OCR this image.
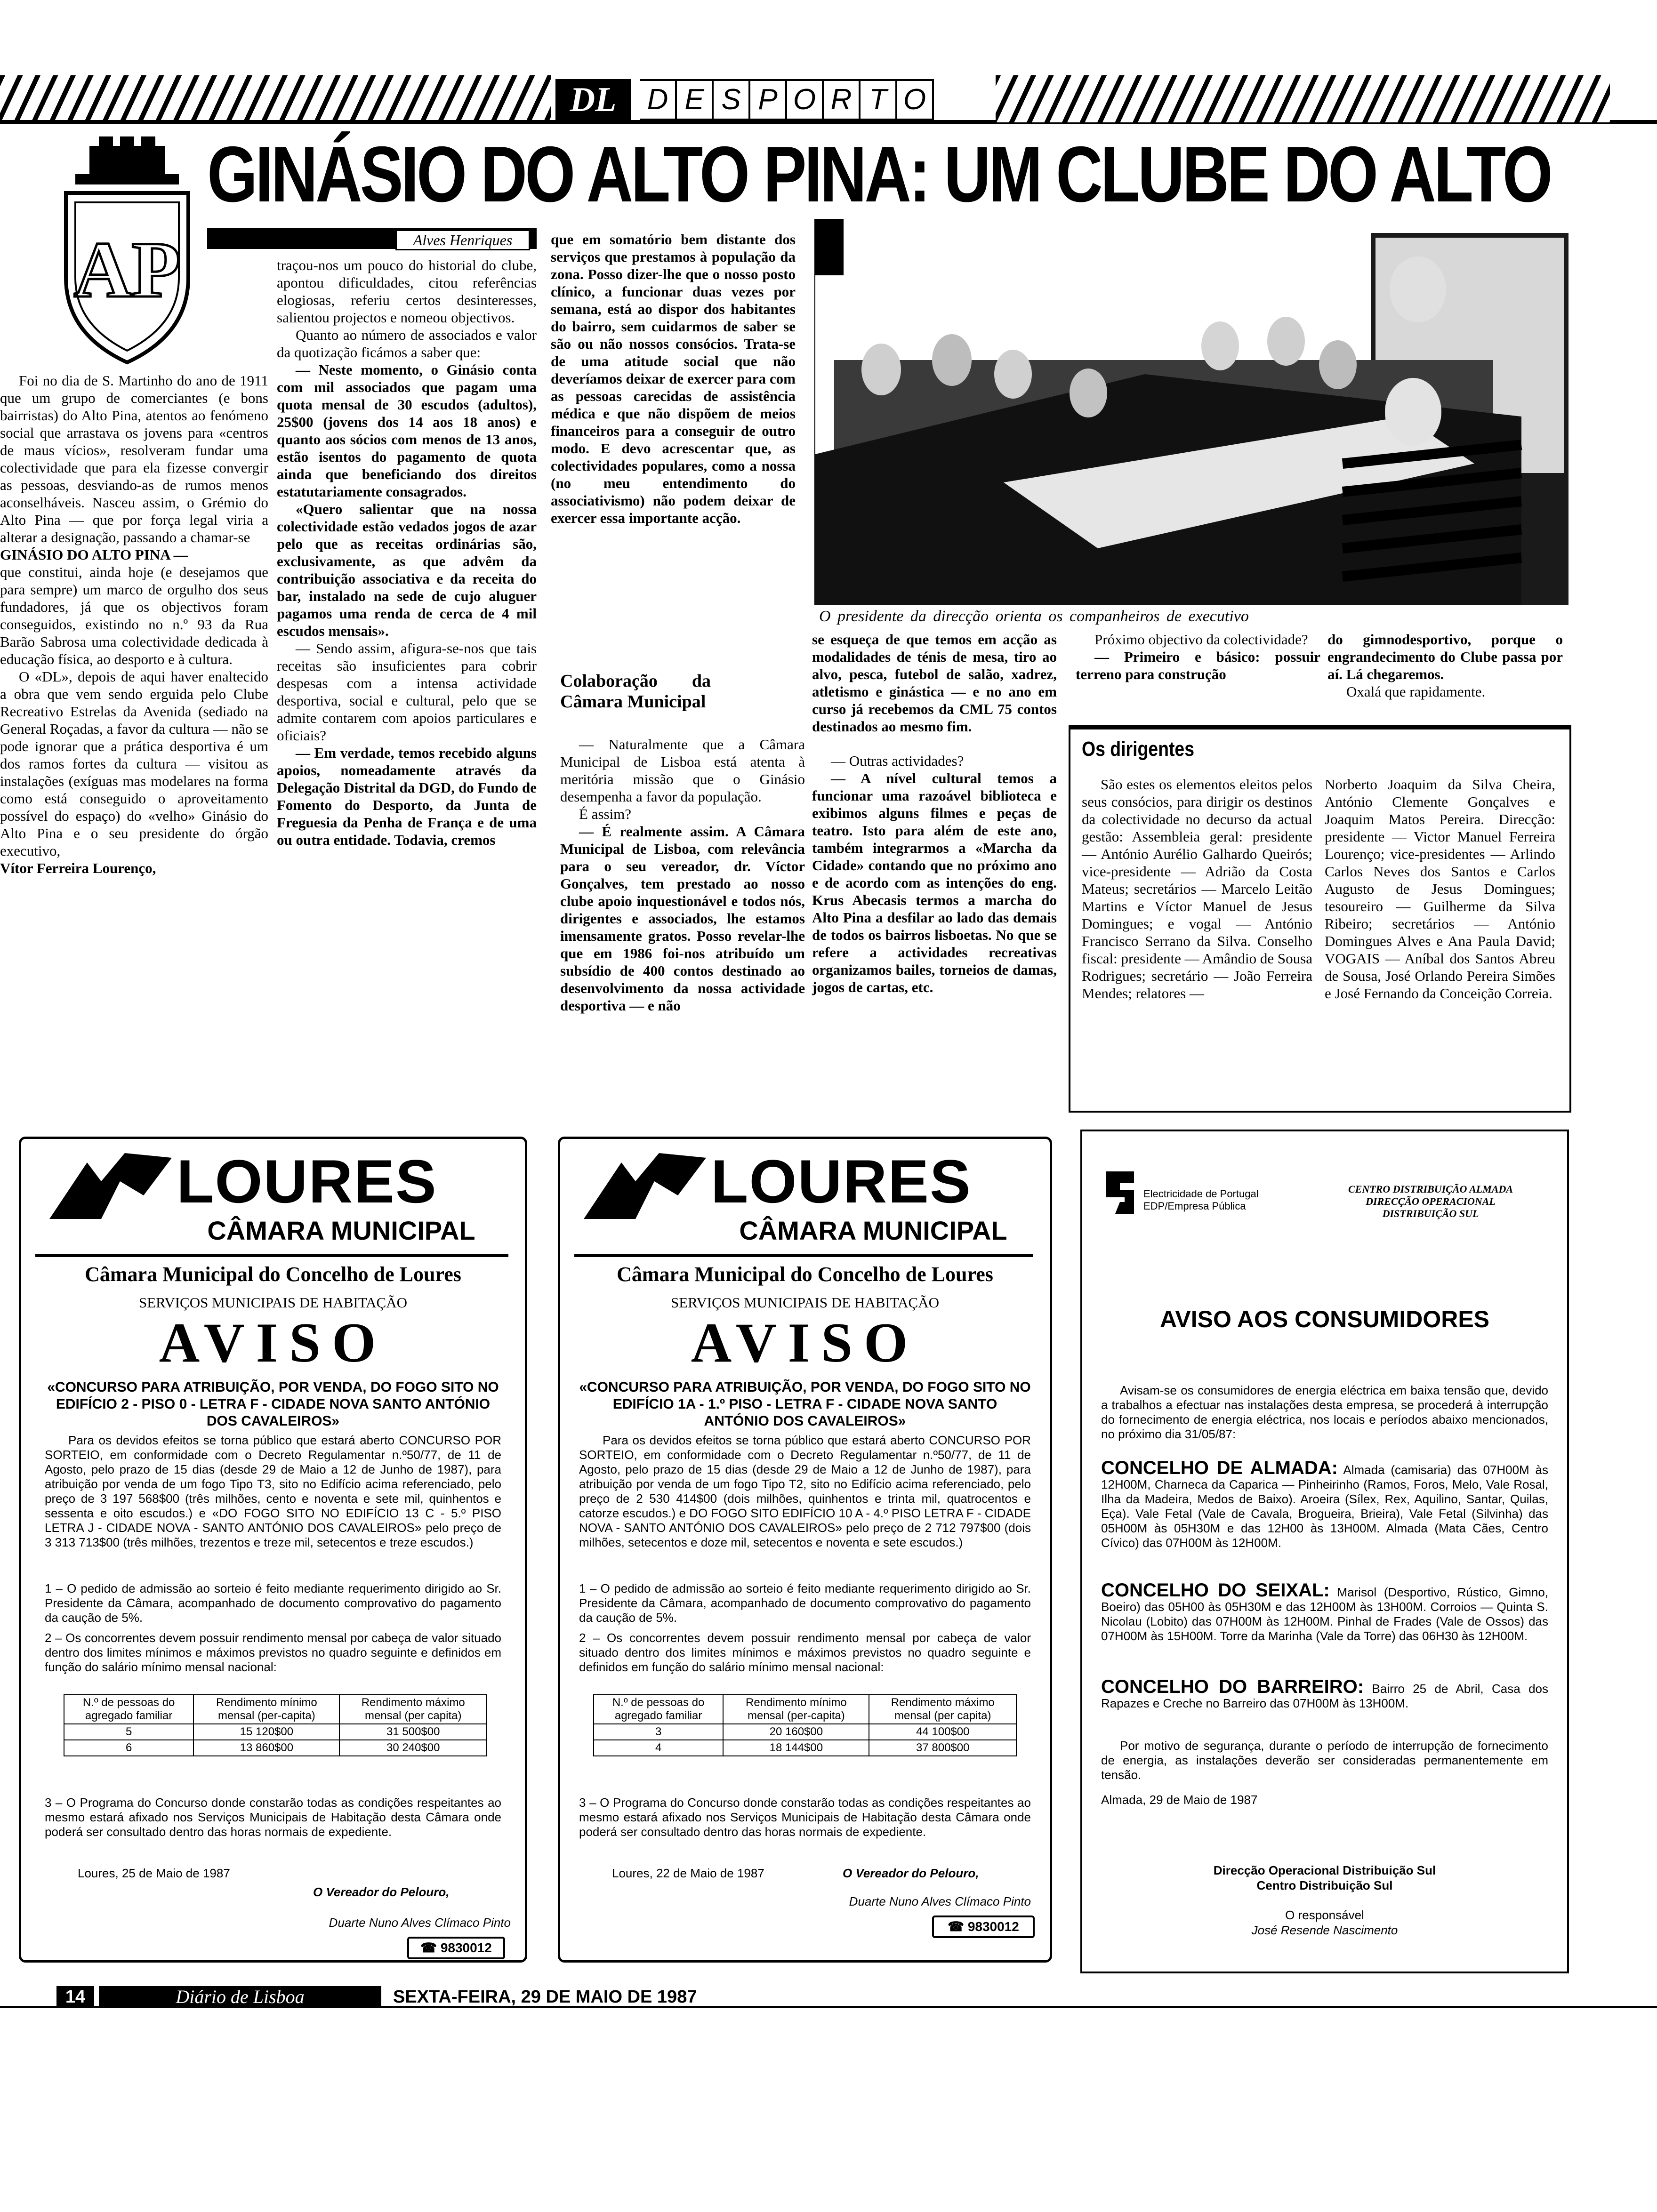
DL	D E S P O R T O
AP
GINÁSIO DO ALTO PINA: UM CLUBE DO ALTO
Alves Henriques

Foi no dia de S. Martinho do ano de 1911 que um grupo de comerciantes (e bons bairristas) do Alto Pina, atentos ao fenómeno social que arrastava os jovens para «centros de maus vícios», resolveram fundar uma colectividade que para ela fizesse convergir as pessoas, desviando-as de rumos menos aconselháveis. Nasceu assim, o Grémio do Alto Pina — que por força legal viria a alterar a designação, passando a chamar-se

GINÁSIO DO ALTO PINA —

que constitui, ainda hoje (e desejamos que para sempre) um marco de orgulho dos seus fundadores, já que os objectivos foram conseguidos, existindo no n.º 93 da Rua Barão Sabrosa uma colectividade dedicada à educação física, ao desporto e à cultura.

O «DL», depois de aqui haver enaltecido a obra que vem sendo erguida pelo Clube Recreativo Estrelas da Avenida (sediado na General Roçadas, a favor da cultura — não se pode ignorar que a prática desportiva é um dos ramos fortes da cultura — visitou as instalações (exíguas mas modelares na forma como está conseguido o aproveitamento possível do espaço) do «velho» Ginásio do Alto Pina e o seu presidente do órgão executivo,

Vítor Ferreira Lourenço,

traçou-nos um pouco do historial do clube, apontou dificuldades, citou referências elogiosas, referiu certos desinteresses, salientou projectos e nomeou objectivos.

Quanto ao número de associados e valor da quotização ficámos a saber que:

— Neste momento, o Ginásio conta com mil associados que pagam uma quota mensal de 30 escudos (adultos), 25$00 (jovens dos 14 aos 18 anos) e quanto aos sócios com menos de 13 anos, estão isentos do pagamento de quota ainda que beneficiando dos direitos estatutariamente consagrados.

«Quero salientar que na nossa colectividade estão vedados jogos de azar pelo que as receitas ordinárias são, exclusivamente, as que advêm da contribuição associativa e da receita do bar, instalado na sede de cujo aluguer pagamos uma renda de cerca de 4 mil escudos mensais».

— Sendo assim, afigura-se-nos que tais receitas são insuficientes para cobrir despesas com a intensa actividade desportiva, social e cultural, pelo que se admite contarem com apoios particulares e oficiais?

— Em verdade, temos recebido alguns apoios, nomeadamente através da Delegação Distrital da DGD, do Fundo de Fomento do Desporto, da Junta de Freguesia da Penha de França e de uma ou outra entidade. Todavia, cremos

que em somatório bem distante dos serviços que prestamos à população da zona. Posso dizer-lhe que o nosso posto clínico, a funcionar duas vezes por semana, está ao dispor dos habitantes do bairro, sem cuidarmos de saber se são ou não nossos consócios. Trata-se de uma atitude social que não deveríamos deixar de exercer para com as pessoas carecidas de assistência médica e que não dispõem de meios financeiros para a conseguir de outro modo. E devo acrescentar que, as colectividades populares, como a nossa (no meu entendimento do associativismo) não podem deixar de exercer essa importante acção.

O presidente da direcção orienta os companheiros de executivo
Colaboração da Câmara Municipal

— Naturalmente que a Câmara Municipal de Lisboa está atenta à meritória missão que o Ginásio desempenha a favor da população.

É assim?

— É realmente assim. A Câmara Municipal de Lisboa, com relevância para o seu vereador, dr. Víctor Gonçalves, tem prestado ao nosso clube apoio inquestionável e todos nós, dirigentes e associados, lhe estamos imensamente gratos. Posso revelar-lhe que em 1986 foi-nos atribuído um subsídio de 400 contos destinado ao desenvolvimento da nossa actividade desportiva — e não

se esqueça de que temos em acção as modalidades de ténis de mesa, tiro ao alvo, pesca, futebol de salão, xadrez, atletismo e ginástica — e no ano em curso já recebemos da CML 75 contos destinados ao mesmo fim.

— Outras actividades?

— A nível cultural temos a funcionar uma razoável biblioteca e exibimos alguns filmes e peças de teatro. Isto para além de este ano, também integrarmos a «Marcha da Cidade» contando que no próximo ano e de acordo com as intenções do eng. Krus Abecasis termos a marcha do Alto Pina a desfilar ao lado das demais de todos os bairros lisboetas. No que se refere a actividades recreativas organizamos bailes, torneios de damas, jogos de cartas, etc.

Próximo objectivo da colectividade?

— Primeiro e básico: possuir terreno para construção

do gimnodesportivo, porque o engrandecimento do Clube passa por aí. Lá chegaremos.

Oxalá que rapidamente.

Os dirigentes
São estes os elementos eleitos pelos seus consócios, para dirigir os destinos da colectividade no decurso da actual gestão: Assembleia geral: presidente — António Aurélio Galhardo Queirós; vice-presidente — Adrião da Costa Mateus; secretários — Marcelo Leitão Martins e Víctor Manuel de Jesus Domingues; e vogal — António Francisco Serrano da Silva. Conselho fiscal: presidente — Amândio de Sousa Rodrigues; secretário — João Ferreira Mendes; relatores —
Norberto Joaquim da Silva Cheira, António Clemente Gonçalves e Joaquim Matos Pereira. Direcção: presidente — Victor Manuel Ferreira Lourenço; vice-presidentes — Arlindo Carlos Neves dos Santos e Carlos Augusto de Jesus Domingues; tesoureiro — Guilherme da Silva Ribeiro; secretários — António Domingues Alves e Ana Paula David; VOGAIS — Aníbal dos Santos Abreu de Sousa, José Orlando Pereira Simões e José Fernando da Conceição Correia.
LOURES
CÂMARA MUNICIPAL
Câmara Municipal do Concelho de Loures
SERVIÇOS MUNICIPAIS DE HABITAÇÃO
AVISO
«CONCURSO PARA ATRIBUIÇÃO, POR VENDA, DO FOGO SITO NO EDIFÍCIO 2 - PISO 0 - LETRA F - CIDADE NOVA SANTO ANTÓNIO DOS CAVALEIROS»
Para os devidos efeitos se torna público que estará aberto CONCURSO POR SORTEIO, em conformidade com o Decreto Regulamentar n.º50/77, de 11 de Agosto, pelo prazo de 15 dias (desde 29 de Maio a 12 de Junho de 1987), para atribuição por venda de um fogo Tipo T3, sito no Edifício acima referenciado, pelo preço de 3 197 568$00 (três milhões, cento e noventa e sete mil, quinhentos e sessenta e oito escudos.) e «DO FOGO SITO NO EDIFÍCIO 13 C - 5.º PISO LETRA J - CIDADE NOVA - SANTO ANTÓNIO DOS CAVALEIROS» pelo preço de 3 313 713$00 (três milhões, trezentos e treze mil, setecentos e treze escudos.)
1 – O pedido de admissão ao sorteio é feito mediante requerimento dirigido ao Sr. Presidente da Câmara, acompanhado de documento comprovativo do pagamento da caução de 5%.
2 – Os concorrentes devem possuir rendimento mensal por cabeça de valor situado dentro dos limites mínimos e máximos previstos no quadro seguinte e definidos em função do salário mínimo mensal nacional:
N.º de pessoas do agregado familiar	Rendimento mínimo mensal (per-capita)	Rendimento máximo mensal (per capita)
5	15 120$00	31 500$00
6	13 860$00	30 240$00
3 – O Programa do Concurso donde constarão todas as condições respeitantes ao mesmo estará afixado nos Serviços Municipais de Habitação desta Câmara onde poderá ser consultado dentro das horas normais de expediente.
Loures, 25 de Maio de 1987
O Vereador do Pelouro,
Duarte Nuno Alves Clímaco Pinto
☎ 9830012
LOURES
CÂMARA MUNICIPAL
Câmara Municipal do Concelho de Loures
SERVIÇOS MUNICIPAIS DE HABITAÇÃO
AVISO
«CONCURSO PARA ATRIBUIÇÃO, POR VENDA, DO FOGO SITO NO EDIFÍCIO 1A - 1.º PISO - LETRA F - CIDADE NOVA SANTO ANTÓNIO DOS CAVALEIROS»
Para os devidos efeitos se torna público que estará aberto CONCURSO POR SORTEIO, em conformidade com o Decreto Regulamentar n.º50/77, de 11 de Agosto, pelo prazo de 15 dias (desde 29 de Maio a 12 de Junho de 1987), para atribuição por venda de um fogo Tipo T2, sito no Edifício acima referenciado, pelo preço de 2 530 414$00 (dois milhões, quinhentos e trinta mil, quatrocentos e catorze escudos.) e DO FOGO SITO EDIFÍCIO 10 A - 4.º PISO LETRA F - CIDADE NOVA - SANTO ANTÓNIO DOS CAVALEIROS» pelo preço de 2 712 797$00 (dois milhões, setecentos e doze mil, setecentos e noventa e sete escudos.)
1 – O pedido de admissão ao sorteio é feito mediante requerimento dirigido ao Sr. Presidente da Câmara, acompanhado de documento comprovativo do pagamento da caução de 5%.
2 – Os concorrentes devem possuir rendimento mensal por cabeça de valor situado dentro dos limites mínimos e máximos previstos no quadro seguinte e definidos em função do salário mínimo mensal nacional:
N.º de pessoas do agregado familiar	Rendimento mínimo mensal (per-capita)	Rendimento máximo mensal (per capita)
3	20 160$00	44 100$00
4	18 144$00	37 800$00
3 – O Programa do Concurso donde constarão todas as condições respeitantes ao mesmo estará afixado nos Serviços Municipais de Habitação desta Câmara onde poderá ser consultado dentro das horas normais de expediente.
Loures, 22 de Maio de 1987	O Vereador do Pelouro,
Duarte Nuno Alves Clímaco Pinto
☎ 9830012
Electricidade de Portugal
EDP/Empresa Pública
CENTRO DISTRIBUIÇÃO ALMADA
DIRECÇÃO OPERACIONAL
DISTRIBUIÇÃO SUL
AVISO AOS CONSUMIDORES
Avisam-se os consumidores de energia eléctrica em baixa tensão que, devido a trabalhos a efectuar nas instalações desta empresa, se procederá à interrupção do fornecimento de energia eléctrica, nos locais e períodos abaixo mencionados, no próximo dia 31/05/87:
CONCELHO DE ALMADA: Almada (camisaria) das 07H00M às 12H00M, Charneca da Caparica — Pinheirinho (Ramos, Foros, Melo, Vale Rosal, Ilha da Madeira, Medos de Baixo). Aroeira (Sílex, Rex, Aquilino, Santar, Quilas, Eça). Vale Fetal (Vale de Cavala, Brogueira, Brieira), Vale Fetal (Silvinha) das 05H00M às 05H30M e das 12H00 às 13H00M. Almada (Mata Cães, Centro Cívico) das 07H00M às 12H00M.
CONCELHO DO SEIXAL: Marisol (Desportivo, Rústico, Gimno, Boeiro) das 05H00 às 05H30M e das 12H00M às 13H00M. Corroios — Quinta S. Nicolau (Lobito) das 07H00M às 12H00M. Pinhal de Frades (Vale de Ossos) das 07H00M às 15H00M. Torre da Marinha (Vale da Torre) das 06H30 às 12H00M.
CONCELHO DO BARREIRO: Bairro 25 de Abril, Casa dos Rapazes e Creche no Barreiro das 07H00M às 13H00M.
Por motivo de segurança, durante o período de interrupção de fornecimento de energia, as instalações deverão ser consideradas permanentemente em tensão.
Almada, 29 de Maio de 1987
Direcção Operacional Distribuição Sul
Centro Distribuição Sul
O responsável
José Resende Nascimento
14	Diário de Lisboa	SEXTA-FEIRA, 29 DE MAIO DE 1987
